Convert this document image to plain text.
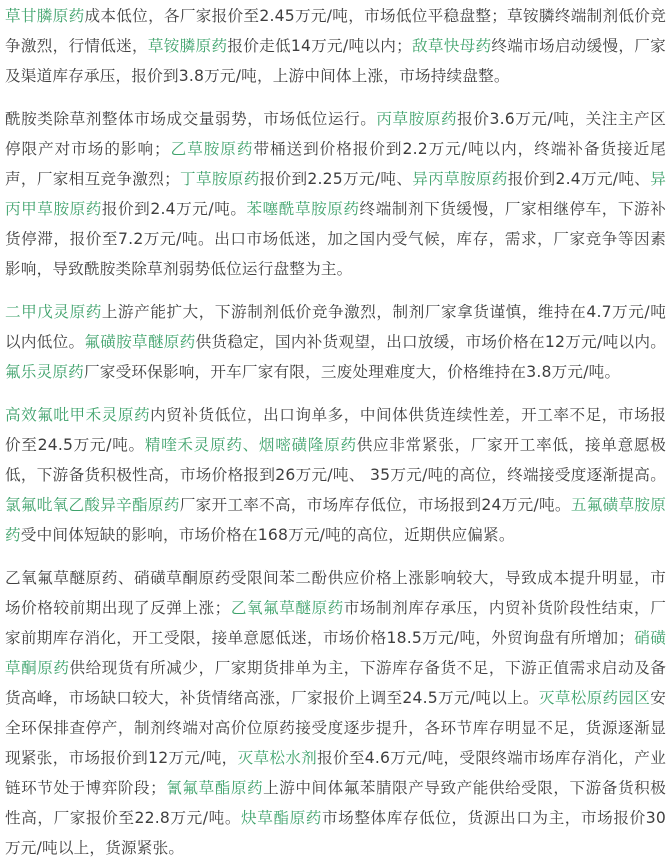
草甘膦原药成本低位，各厂家报价至2.45万元/吨，市场低位平稳盘整；草铵膦终端制剂低价竞争激烈，行情低迷，草铵膦原药报价走低14万元/吨以内；敌草快母药终端市场启动缓慢，厂家及渠道库存承压，报价到3.8万元/吨，上游中间体上涨，市场持续盘整。

酰胺类除草剂整体市场成交量弱势，市场低位运行。丙草胺原药报价3.6万元/吨，关注主产区停限产对市场的影响；乙草胺原药带桶送到价格报价到2.2万元/吨以内，终端补备货接近尾声，厂家相互竞争激烈；丁草胺原药报价到2.25万元/吨、异丙草胺原药报价到2.4万元/吨、异丙甲草胺原药报价到2.4万元/吨。苯噻酰草胺原药终端制剂下货缓慢，厂家相继停车，下游补货停滞，报价至7.2万元/吨。出口市场低迷，加之国内受气候，库存，需求，厂家竞争等因素影响，导致酰胺类除草剂弱势低位运行盘整为主。

二甲戊灵原药上游产能扩大，下游制剂低价竞争激烈，制剂厂家拿货谨慎，维持在4.7万元/吨以内低位。氟磺胺草醚原药供货稳定，国内补货观望，出口放缓，市场价格在12万元/吨以内。氟乐灵原药厂家受环保影响，开车厂家有限，三废处理难度大，价格维持在3.8万元/吨。

高效氟吡甲禾灵原药内贸补货低位，出口询单多，中间体供货连续性差，开工率不足，市场报价至24.5万元/吨。精喹禾灵原药、烟嘧磺隆原药供应非常紧张，厂家开工率低，接单意愿极低，下游备货积极性高，市场价格报到26万元/吨、 35万元/吨的高位，终端接受度逐渐提高。氯氟吡氧乙酸异辛酯原药厂家开工率不高，市场库存低位，市场报到24万元/吨。五氟磺草胺原药受中间体短缺的影响，市场价格在168万元/吨的高位，近期供应偏紧。

乙氧氟草醚原药、硝磺草酮原药受限间苯二酚供应价格上涨影响较大，导致成本提升明显，市场价格较前期出现了反弹上涨；乙氧氟草醚原药市场制剂库存承压，内贸补货阶段性结束，厂家前期库存消化，开工受限，接单意愿低迷，市场价格18.5万元/吨，外贸询盘有所增加；硝磺草酮原药供给现货有所减少，厂家期货排单为主，下游库存备货不足，下游正值需求启动及备货高峰，市场缺口较大，补货情绪高涨，厂家报价上调至24.5万元/吨以上。灭草松原药园区安全环保排查停产，制剂终端对高价位原药接受度逐步提升，各环节库存明显不足，货源逐渐显现紧张，市场报价到12万元/吨，灭草松水剂报价至4.6万元/吨，受限终端市场库存消化，产业链环节处于博弈阶段；氰氟草酯原药上游中间体氟苯腈限产导致产能供给受限，下游备货积极性高，厂家报价至22.8万元/吨。炔草酯原药市场整体库存低位，货源出口为主，市场报价30万元/吨以上，货源紧张。
